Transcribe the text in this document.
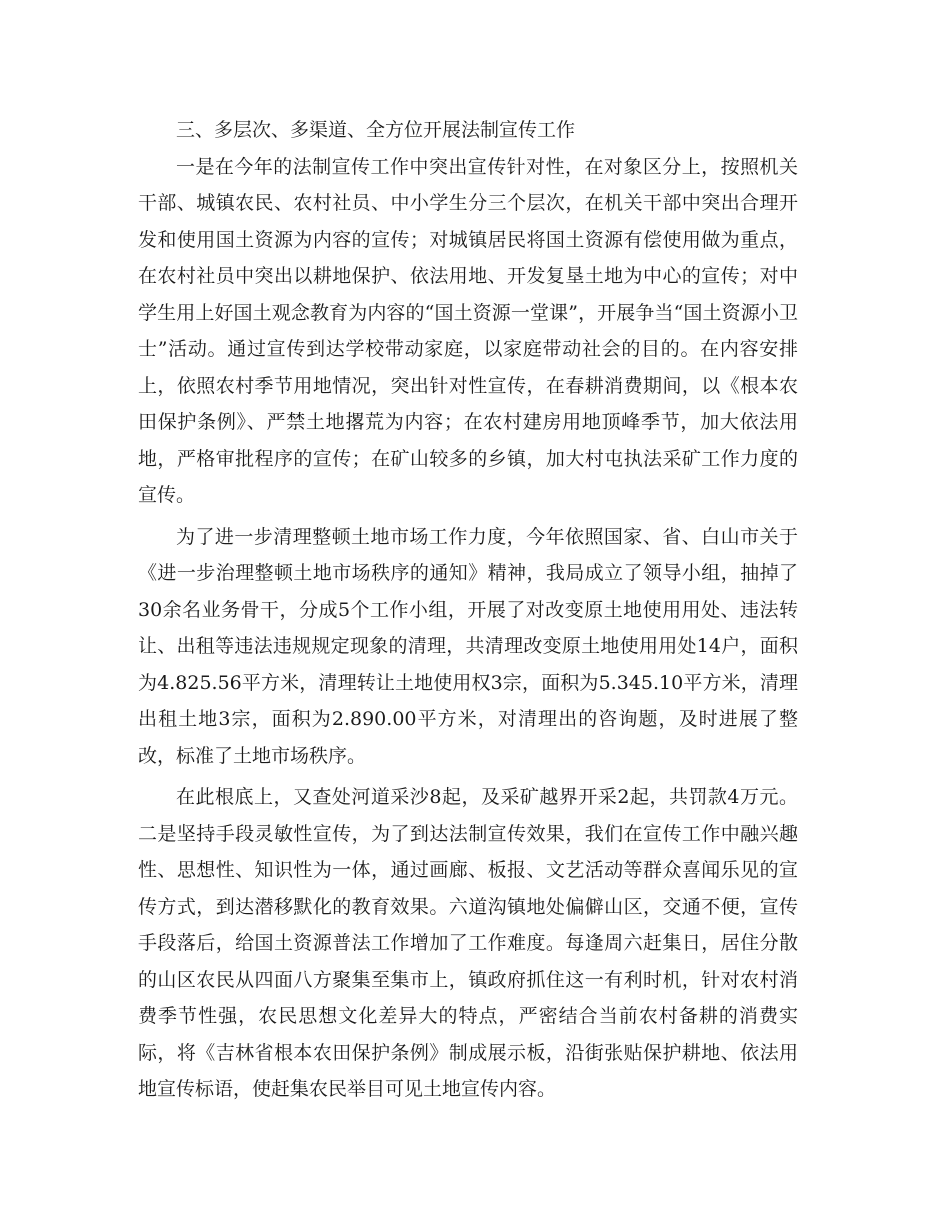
三、多层次、多渠道、全方位开展法制宣传工作

一是在今年的法制宣传工作中突出宣传针对性，在对象区分上，按照机关干部、城镇农民、农村社员、中小学生分三个层次，在机关干部中突出合理开发和使用国土资源为内容的宣传；对城镇居民将国土资源有偿使用做为重点，在农村社员中突出以耕地保护、依法用地、开发复垦土地为中心的宣传；对中学生用上好国土观念教育为内容的“国土资源一堂课”，开展争当“国土资源小卫士”活动。通过宣传到达学校带动家庭，以家庭带动社会的目的。在内容安排上，依照农村季节用地情况，突出针对性宣传，在春耕消费期间，以《根本农田保护条例》、严禁土地撂荒为内容；在农村建房用地顶峰季节，加大依法用地，严格审批程序的宣传；在矿山较多的乡镇，加大村屯执法采矿工作力度的宣传。

为了进一步清理整顿土地市场工作力度，今年依照国家、省、白山市关于《进一步治理整顿土地市场秩序的通知》精神，我局成立了领导小组，抽掉了30余名业务骨干，分成5个工作小组，开展了对改变原土地使用用处、违法转让、出租等违法违规规定现象的清理，共清理改变原土地使用用处14户，面积为4.825.56平方米，清理转让土地使用权3宗，面积为5.345.10平方米，清理出租土地3宗，面积为2.890.00平方米，对清理出的咨询题，及时进展了整改，标准了土地市场秩序。

在此根底上，又查处河道采沙8起，及采矿越界开采2起，共罚款4万元。二是坚持手段灵敏性宣传，为了到达法制宣传效果，我们在宣传工作中融兴趣性、思想性、知识性为一体，通过画廊、板报、文艺活动等群众喜闻乐见的宣传方式，到达潜移默化的教育效果。六道沟镇地处偏僻山区，交通不便，宣传手段落后，给国土资源普法工作增加了工作难度。每逢周六赶集日，居住分散的山区农民从四面八方聚集至集市上，镇政府抓住这一有利时机，针对农村消费季节性强，农民思想文化差异大的特点，严密结合当前农村备耕的消费实际，将《吉林省根本农田保护条例》制成展示板，沿街张贴保护耕地、依法用地宣传标语，使赶集农民举目可见土地宣传内容。
